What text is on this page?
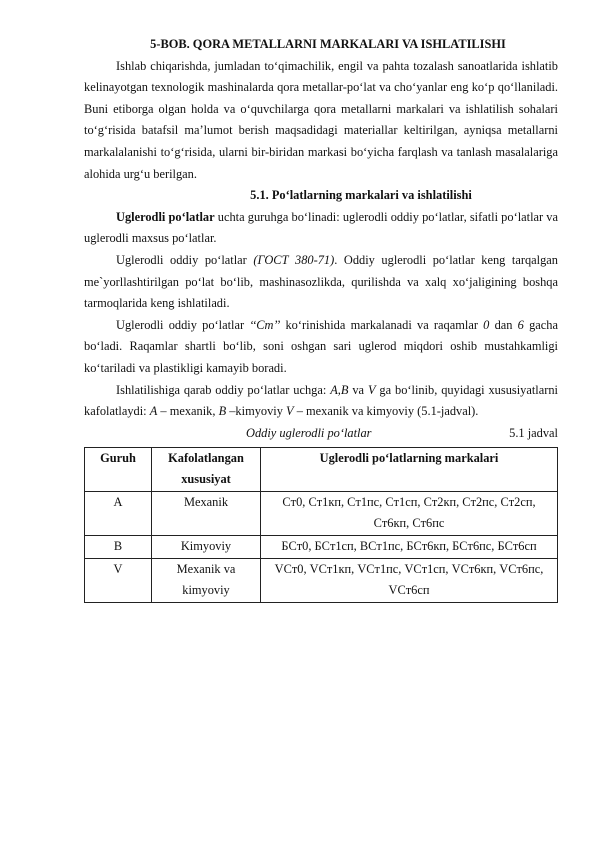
5-BOB. QORA METALLARNI MARKALARI VA ISHLATILISHI

Ishlab chiqarishda, jumladan to‘qimachilik, engil va pahta tozalash sanoatlarida ishlatib kelinayotgan texnologik mashinalarda qora metallar-po‘lat va cho‘yanlar eng ko‘p qo‘llaniladi. Buni etiborga olgan holda va o‘quvchilarga qora metallarni markalari va ishlatilish sohalari to‘g‘risida batafsil ma’lumot berish maqsadidagi materiallar keltirilgan, ayniqsa metallarni markalalanishi to‘g‘risida, ularni bir-biridan markasi bo‘yicha farqlash va tanlash masalalariga alohida urg‘u berilgan.

5.1. Po‘latlarning markalari va ishlatilishi

Uglerodli po‘latlar uchta guruhga bo‘linadi: uglerodli oddiy po‘latlar, sifatli po‘latlar va uglerodli maxsus po‘latlar.

Uglerodli oddiy po‘latlar (ГОСТ 380-71). Oddiy uglerodli po‘latlar keng tarqalgan me`yorllashtirilgan po‘lat bo‘lib, mashinasozlikda, qurilishda va xalq xo‘jaligining boshqa tarmoqlarida keng ishlatiladi.

Uglerodli oddiy po‘latlar ‘‘Cт’’ ko‘rinishida markalanadi va raqamlar 0 dan 6 gacha bo‘ladi. Raqamlar shartli bo‘lib, soni oshgan sari uglerod miqdori oshib mustahkamligi ko‘tariladi va plastikligi kamayib boradi.

Ishlatilishiga qarab oddiy po‘latlar uchga: A,B va V ga bo‘linib, quyidagi xususiyatlarni kafolatlaydi: A – mexanik, B –kimyoviy V – mexanik va kimyoviy (5.1-jadval).

Oddiy uglerodli po‘latlar	5.1 jadval
Guruh	Kafolatlangan xususiyat	Uglerodli po‘latlarning markalari
A	Mexanik	Cт0, Cт1кп, Cт1пс, Cт1сп, Cт2кп, Cт2пс, Cт2сп, Cт6кп, Cт6пс
B	Kimyoviy	БCт0, БCт1сп, ВCт1пс, БCт6кп, БCт6пс, БCт6сп
V	Mexanik va kimyoviy	VCт0, VCт1кп, VCт1пс, VCт1сп, VCт6кп, VCт6пс, VCт6сп
